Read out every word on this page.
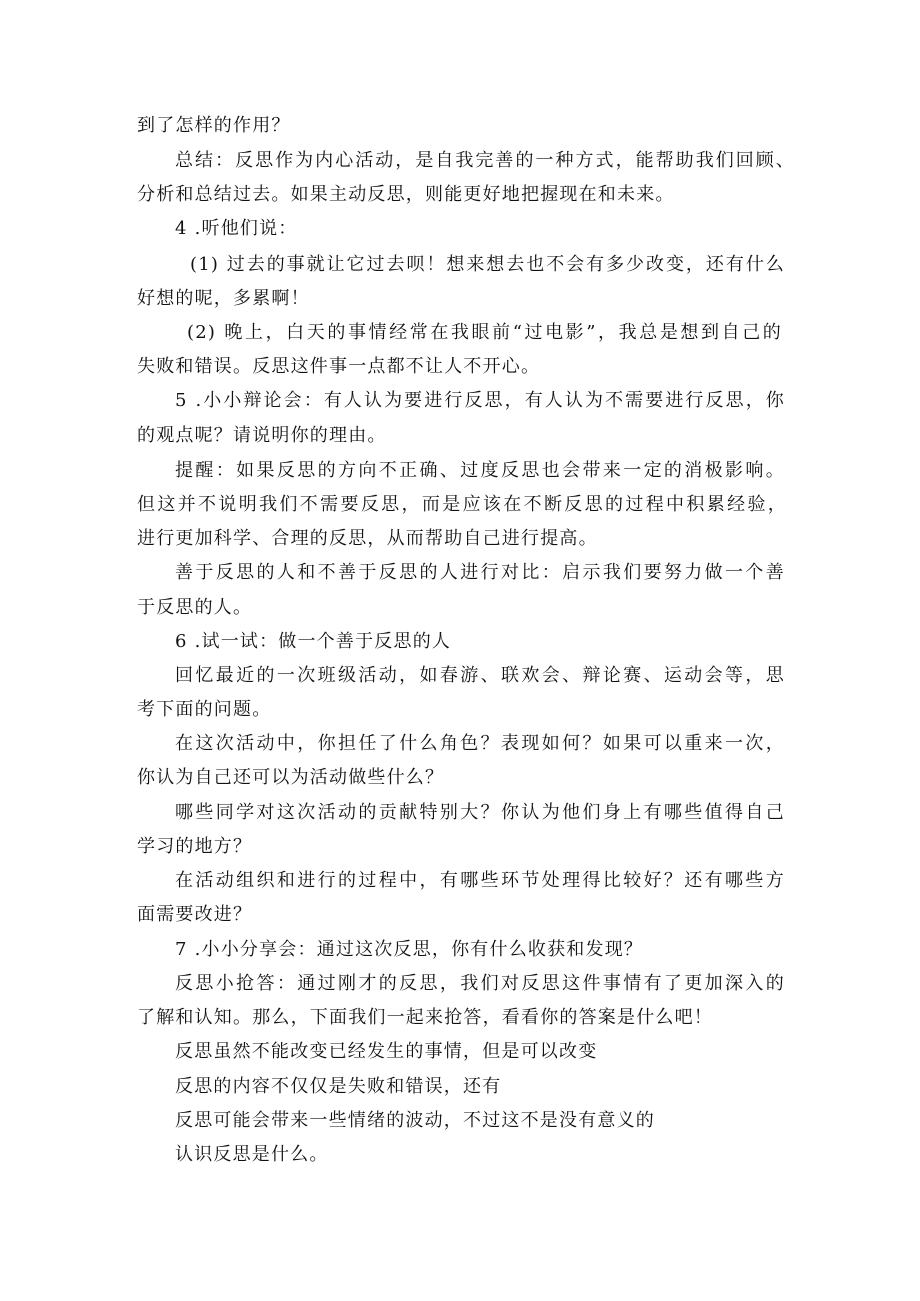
到了怎样的作用？
总结：反思作为内心活动，是自我完善的一种方式，能帮助我们回顾、
分析和总结过去。如果主动反思，则能更好地把握现在和未来。
4 .听他们说：
(1) 过去的事就让它过去呗！想来想去也不会有多少改变，还有什么
好想的呢，多累啊！
(2) 晚上，白天的事情经常在我眼前“过电影”，我总是想到自己的
失败和错误。反思这件事一点都不让人不开心。
5 .小小辩论会：有人认为要进行反思，有人认为不需要进行反思，你
的观点呢？请说明你的理由。
提醒：如果反思的方向不正确、过度反思也会带来一定的消极影响。
但这并不说明我们不需要反思，而是应该在不断反思的过程中积累经验，
进行更加科学、合理的反思，从而帮助自己进行提高。
善于反思的人和不善于反思的人进行对比：启示我们要努力做一个善
于反思的人。
6 .试一试：做一个善于反思的人
回忆最近的一次班级活动，如春游、联欢会、辩论赛、运动会等，思
考下面的问题。
在这次活动中，你担任了什么角色？表现如何？如果可以重来一次，
你认为自己还可以为活动做些什么？
哪些同学对这次活动的贡献特别大？你认为他们身上有哪些值得自己
学习的地方？
在活动组织和进行的过程中，有哪些环节处理得比较好？还有哪些方
面需要改进？
7 .小小分享会：通过这次反思，你有什么收获和发现？
反思小抢答：通过刚才的反思，我们对反思这件事情有了更加深入的
了解和认知。那么，下面我们一起来抢答，看看你的答案是什么吧！
反思虽然不能改变已经发生的事情，但是可以改变
反思的内容不仅仅是失败和错误，还有
反思可能会带来一些情绪的波动，不过这不是没有意义的
认识反思是什么。
